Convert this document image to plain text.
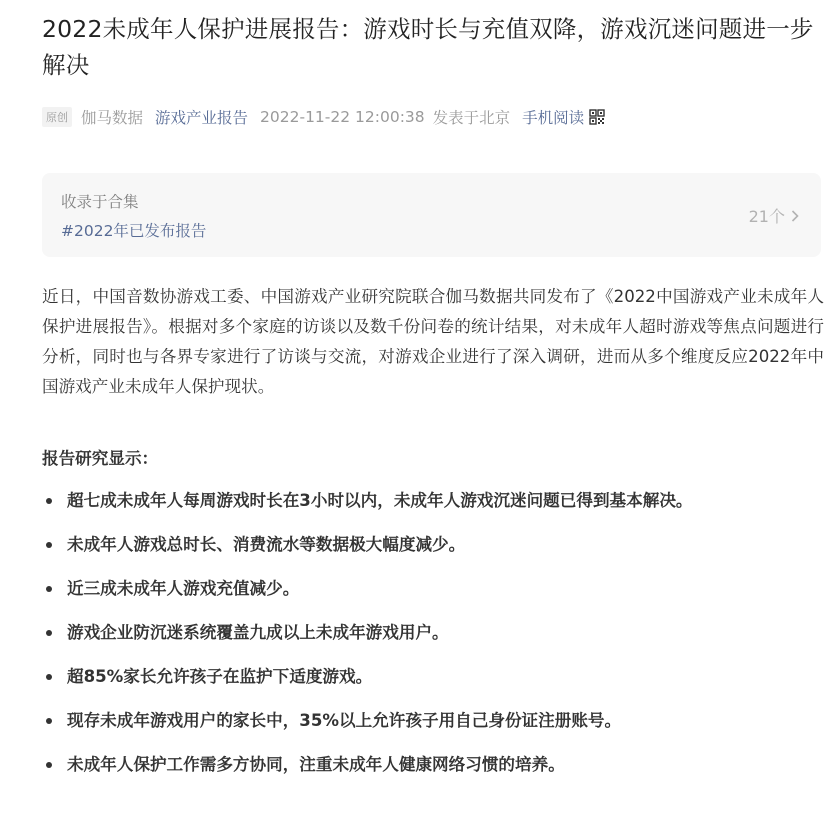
2022未成年人保护进展报告：游戏时长与充值双降，游戏沉迷问题进一步解决
原创 伽马数据 游戏产业报告 2022-11-22 12:00:38 发表于北京 手机阅读
收录于合集
#2022年已发布报告
21个

近日，中国音数协游戏工委、中国游戏产业研究院联合伽马数据共同发布了《2022中国游戏产业未成年人保护进展报告》。根据对多个家庭的访谈以及数千份问卷的统计结果，对未成年人超时游戏等焦点问题进行分析，同时也与各界专家进行了访谈与交流，对游戏企业进行了深入调研，进而从多个维度反应2022年中国游戏产业未成年人保护现状。

报告研究显示：
超七成未成年人每周游戏时长在3小时以内，未成年人游戏沉迷问题已得到基本解决。
未成年人游戏总时长、消费流水等数据极大幅度减少。
近三成未成年人游戏充值减少。
游戏企业防沉迷系统覆盖九成以上未成年游戏用户。
超85%家长允许孩子在监护下适度游戏。
现存未成年游戏用户的家长中，35%以上允许孩子用自己身份证注册账号。
未成年人保护工作需多方协同，注重未成年人健康网络习惯的培养。
